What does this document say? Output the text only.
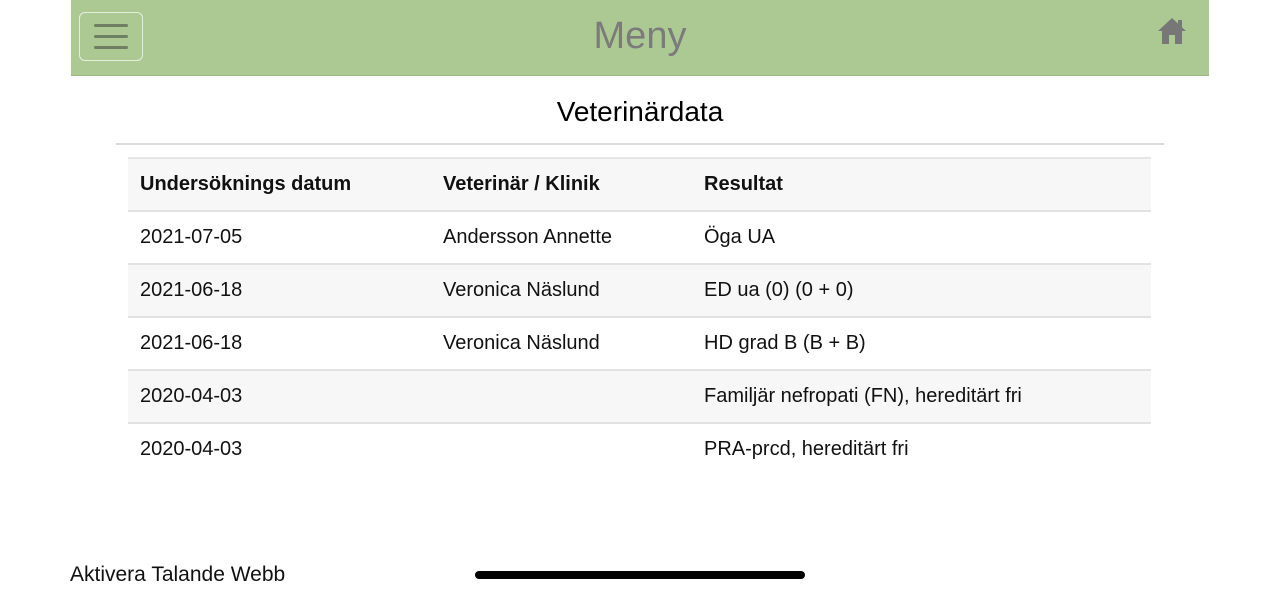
Meny
Veterinärdata
Undersöknings datum	Veterinär / Klinik	Resultat
2021-07-05	Andersson Annette	Öga UA
2021-06-18	Veronica Näslund	ED ua (0) (0 + 0)
2021-06-18	Veronica Näslund	HD grad B (B + B)
2020-04-03		Familjär nefropati (FN), hereditärt fri
2020-04-03		PRA-prcd, hereditärt fri
Aktivera Talande Webb
